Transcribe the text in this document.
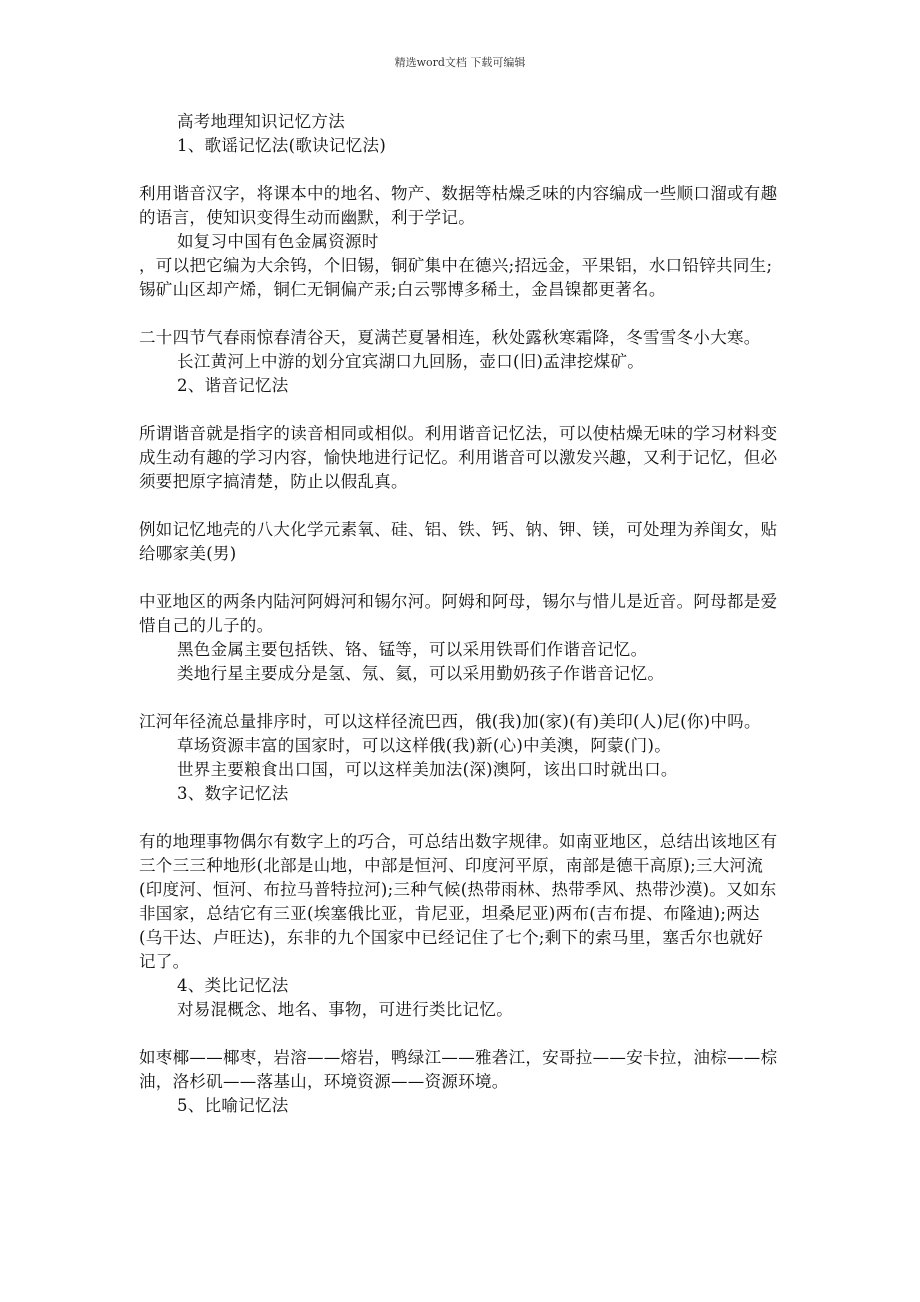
精选word文档 下载可编辑

高考地理知识记忆方法

1、歌谣记忆法(歌诀记忆法)

利用谐音汉字，将课本中的地名、物产、数据等枯燥乏味的内容编成一些顺口溜或有趣的语言，使知识变得生动而幽默，利于学记。

如复习中国有色金属资源时

，可以把它编为大余钨，个旧锡，铜矿集中在德兴;招远金，平果铝，水口铅锌共同生;锡矿山区却产烯，铜仁无铜偏产汞;白云鄂博多稀土，金昌镍都更著名。

二十四节气春雨惊春清谷天，夏满芒夏暑相连，秋处露秋寒霜降，冬雪雪冬小大寒。

长江黄河上中游的划分宜宾湖口九回肠，壶口(旧)孟津挖煤矿。

2、谐音记忆法

所谓谐音就是指字的读音相同或相似。利用谐音记忆法，可以使枯燥无味的学习材料变成生动有趣的学习内容，愉快地进行记忆。利用谐音可以激发兴趣，又利于记忆，但必须要把原字搞清楚，防止以假乱真。

例如记忆地壳的八大化学元素氧、硅、铝、铁、钙、钠、钾、镁，可处理为养闺女，贴给哪家美(男)

中亚地区的两条内陆河阿姆河和锡尔河。阿姆和阿母，锡尔与惜儿是近音。阿母都是爱惜自己的儿子的。

黑色金属主要包括铁、铬、锰等，可以采用铁哥们作谐音记忆。

类地行星主要成分是氢、氖、氦，可以采用勤奶孩子作谐音记忆。

江河年径流总量排序时，可以这样径流巴西，俄(我)加(家)(有)美印(人)尼(你)中吗。

草场资源丰富的国家时，可以这样俄(我)新(心)中美澳，阿蒙(门)。

世界主要粮食出口国，可以这样美加法(深)澳阿，该出口时就出口。

3、数字记忆法

有的地理事物偶尔有数字上的巧合，可总结出数字规律。如南亚地区，总结出该地区有三个三三种地形(北部是山地，中部是恒河、印度河平原，南部是德干高原);三大河流(印度河、恒河、布拉马普特拉河);三种气候(热带雨林、热带季风、热带沙漠)。又如东非国家，总结它有三亚(埃塞俄比亚，肯尼亚，坦桑尼亚)两布(吉布提、布隆迪);两达(乌干达、卢旺达)，东非的九个国家中已经记住了七个;剩下的索马里，塞舌尔也就好记了。

4、类比记忆法

对易混概念、地名、事物，可进行类比记忆。

如枣椰——椰枣，岩溶——熔岩，鸭绿江——雅砻江，安哥拉——安卡拉，油棕——棕油，洛杉矶——落基山，环境资源——资源环境。

5、比喻记忆法
